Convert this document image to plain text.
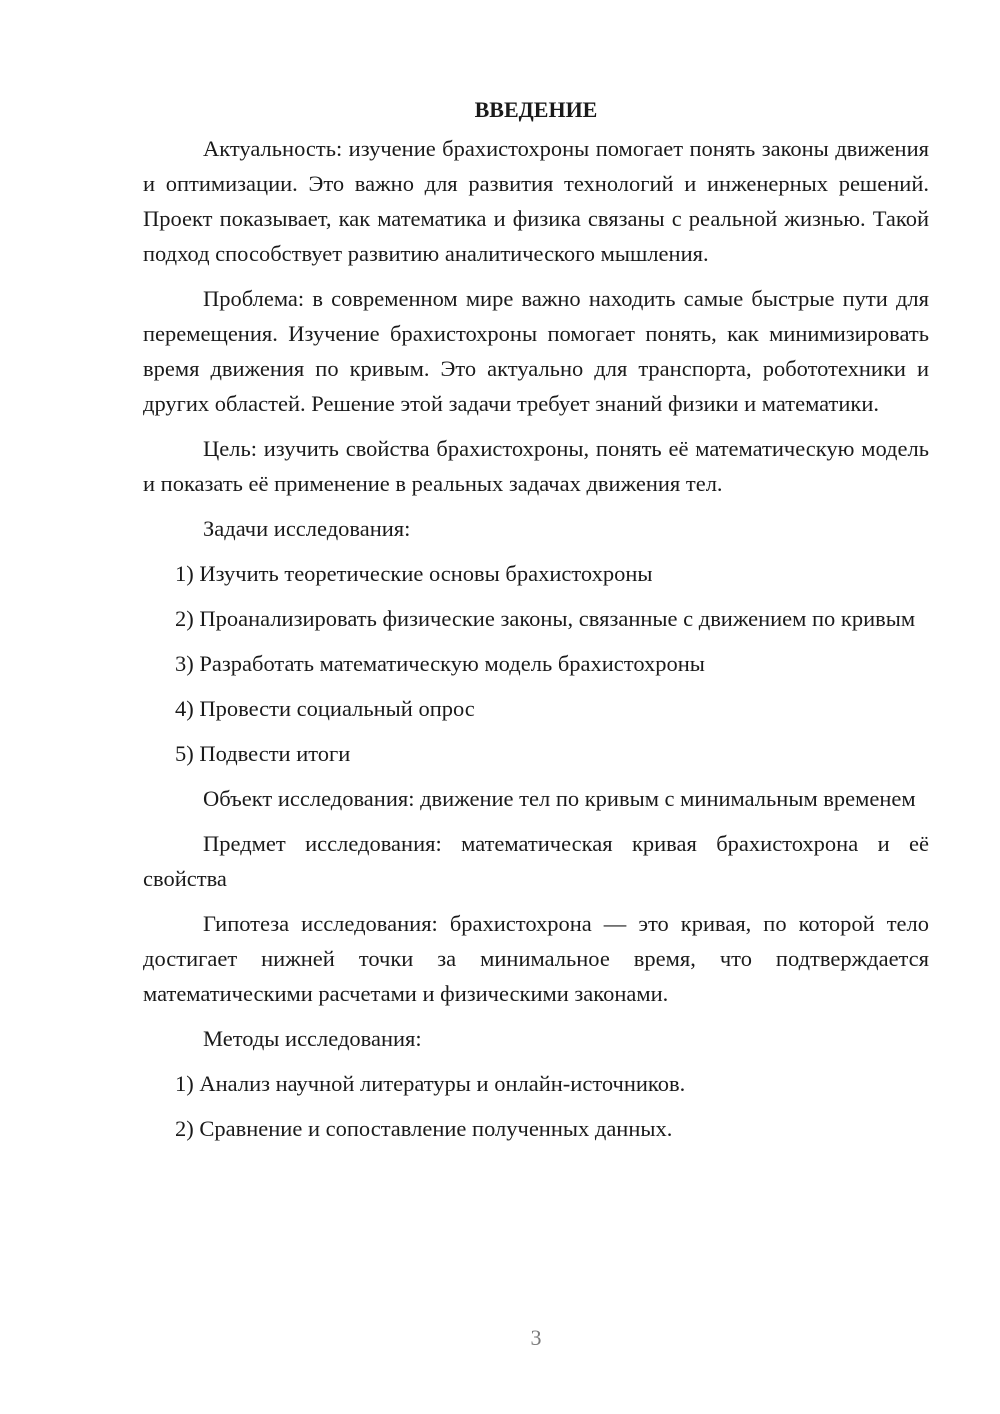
ВВЕДЕНИЕ

Актуальность: изучение брахистохроны помогает понять законы движения и оптимизации. Это важно для развития технологий и инженерных решений. Проект показывает, как математика и физика связаны с реальной жизнью. Такой подход способствует развитию аналитического мышления.

Проблема: в современном мире важно находить самые быстрые пути для перемещения. Изучение брахистохроны помогает понять, как минимизировать время движения по кривым. Это актуально для транспорта, робототехники и других областей. Решение этой задачи требует знаний физики и математики.

Цель: изучить свойства брахистохроны, понять её математическую модель и показать её применение в реальных задачах движения тел.

Задачи исследования:

1) Изучить теоретические основы брахистохроны

2) Проанализировать физические законы, связанные с движением по кривым

3) Разработать математическую модель брахистохроны

4) Провести социальный опрос

5) Подвести итоги

Объект исследования: движение тел по кривым с минимальным временем

Предмет исследования: математическая кривая брахистохрона и её свойства

Гипотеза исследования: брахистохрона — это кривая, по которой тело достигает нижней точки за минимальное время, что подтверждается математическими расчетами и физическими законами.

Методы исследования:

1) Анализ научной литературы и онлайн-источников.

2) Сравнение и сопоставление полученных данных.

3
